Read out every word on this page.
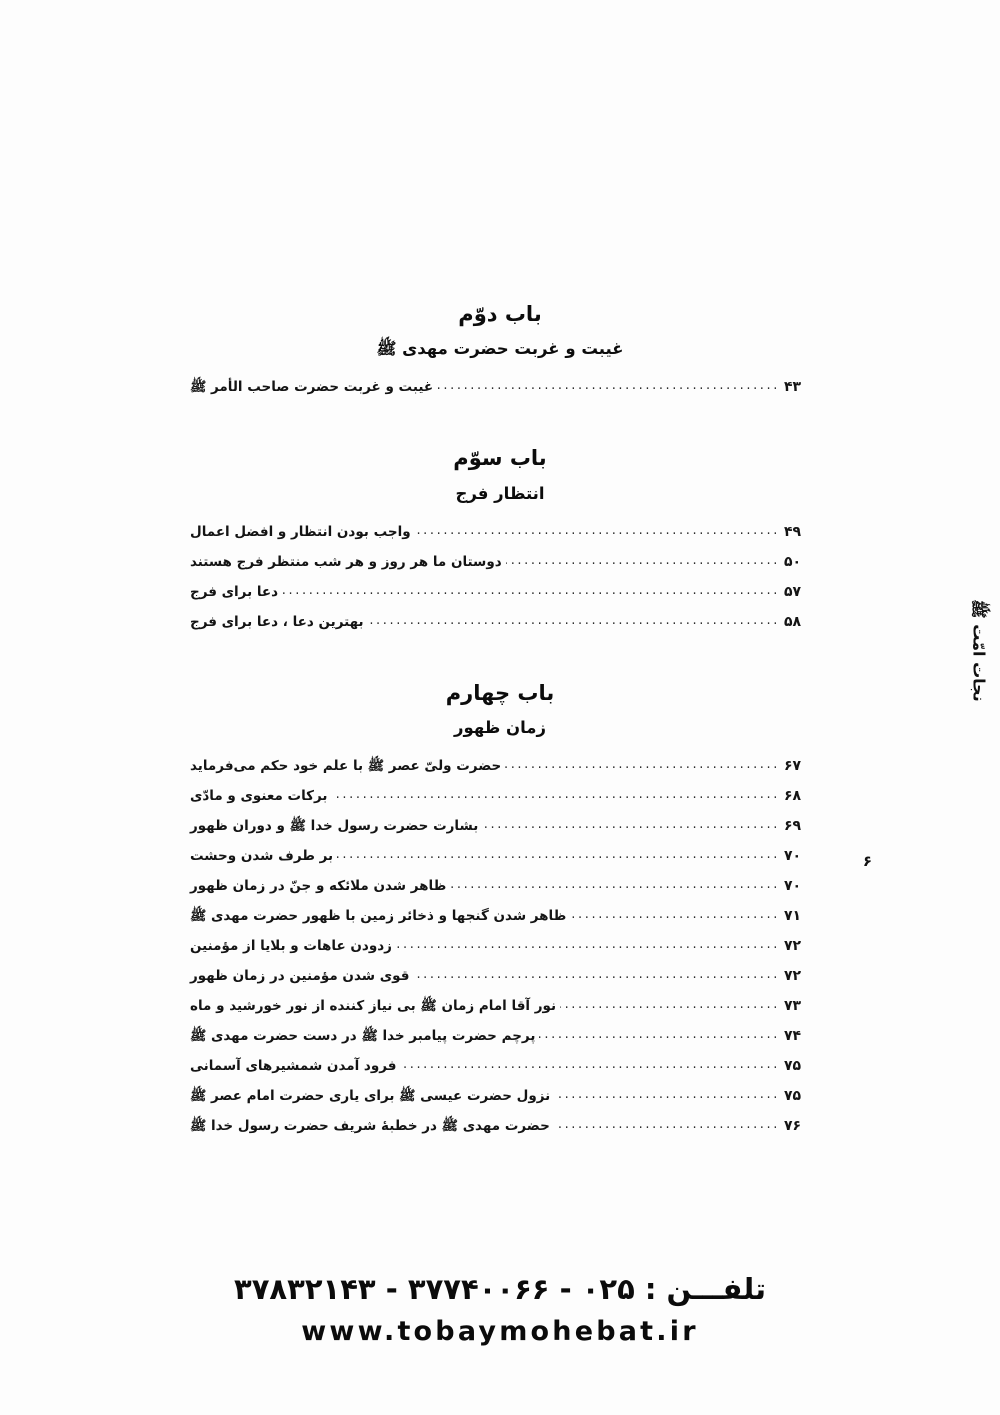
باب دوّم
غیبت و غربت حضرت مهدی ﷺ
غیبت و غربت حضرت صاحب الأمر ﷺ .....	۴۳
باب سوّم
انتظار فرج
واجب بودن انتظار و افضل اعمال .....	۴۹
دوستان ما هر روز و هر شب منتظر فرج هستند .....	۵۰
دعا برای فرج .....	۵۷
بهترین دعا ، دعا برای فرج .....	۵۸
باب چهارم
زمان ظهور
حضرت ولیّ عصر ﷺ با علم خود حکم می‌فرماید .....	۶۷
برکات معنوی و مادّی .....	۶۸
بشارت حضرت رسول خدا ﷺ و دوران ظهور .....	۶۹
بر طرف شدن وحشت .....	۷۰
ظاهر شدن ملائکه و جنّ در زمان ظهور .....	۷۰
ظاهر شدن گنجها و ذخائر زمین با ظهور حضرت مهدی ﷺ .....	۷۱
زدودن عاهات و بلایا از مؤمنین .....	۷۲
قوی شدن مؤمنین در زمان ظهور .....	۷۲
نور آقا امام زمان ﷺ بی نیاز کننده از نور خورشید و ماه .....	۷۳
پرچم حضرت پیامبر خدا ﷺ در دست حضرت مهدی ﷺ .....	۷۴
فرود آمدن شمشیرهای آسمانی .....	۷۵
نزول حضرت عیسی ﷺ برای یاری حضرت امام عصر ﷺ .....	۷۵
حضرت مهدی ﷺ در خطبهٔ شریف حضرت رسول خدا ﷺ .....	۷۶
نجات امّت ﷺ
۶
تلفـــن :۰۲۵ - ۳۷۷۴۰۰۶۶ - ۳۷۸۳۲۱۴۳
www.tobaymohebat.ir
